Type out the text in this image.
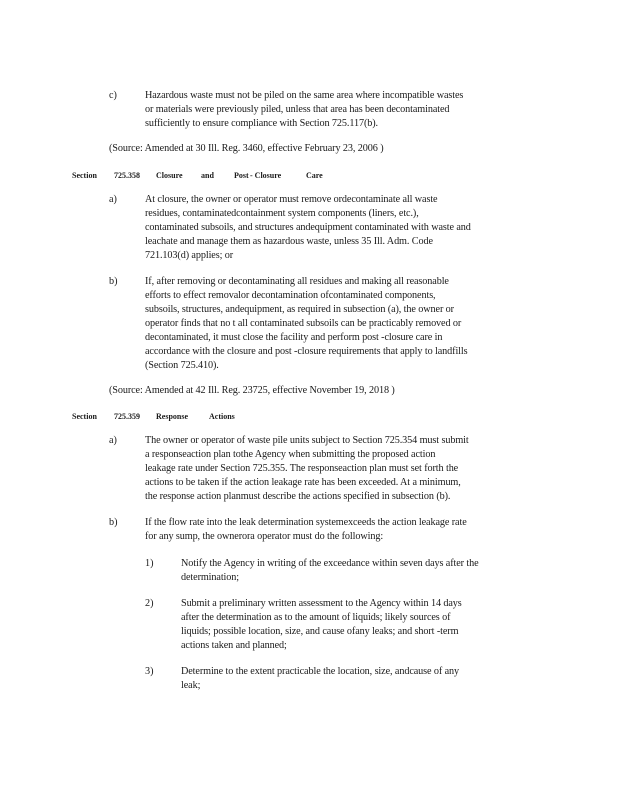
c)	Hazardous waste must not be piled on the same area where incompatible wastes
or materials were previously piled, unless that area has been decontaminated
sufficiently to ensure compliance with Section 725.117(b).
(Source: Amended at 30 Ill. Reg. 3460, effective February 23, 2006 )
Section 725.358 Closure and	Post - Closure	Care
a)	At closure, the owner or operator must remove ordecontaminate all waste
residues, contaminatedcontainment system components (liners, etc.),
contaminated subsoils, and structures andequipment contaminated with waste and
leachate and manage them as hazardous waste, unless 35 Ill. Adm. Code
721.103(d) applies; or
b)	If, after removing or decontaminating all residues and making all reasonable
efforts to effect removalor decontamination ofcontaminated components,
subsoils, structures, andequipment, as required in subsection (a), the owner or
operator finds that no t all contaminated subsoils can be practicably removed or
decontaminated, it must close the facility and perform post -closure care in
accordance with the closure and post -closure requirements that apply to landfills
(Section 725.410).
(Source: Amended at 42 Ill. Reg. 23725, effective November 19, 2018 )
Section 725.359 Response	Actions
a)	The owner or operator of waste pile units subject to Section 725.354 must submit
a responseaction plan tothe Agency when submitting the proposed action
leakage rate under Section 725.355. The responseaction plan must set forth the
actions to be taken if the action leakage rate has been exceeded. At a minimum,
the response action planmust describe the actions specified in subsection (b).
b)	If the flow rate into the leak determination systemexceeds the action leakage rate
for any sump, the ownerora operator must do the following:
1)	Notify the Agency in writing of the exceedance within seven days after the
determination;
2)	Submit a preliminary written assessment to the Agency within 14 days
after the determination as to the amount of liquids; likely sources of
liquids; possible location, size, and cause ofany leaks; and short -term
actions taken and planned;
3)	Determine to the extent practicable the location, size, andcause of any
leak;
